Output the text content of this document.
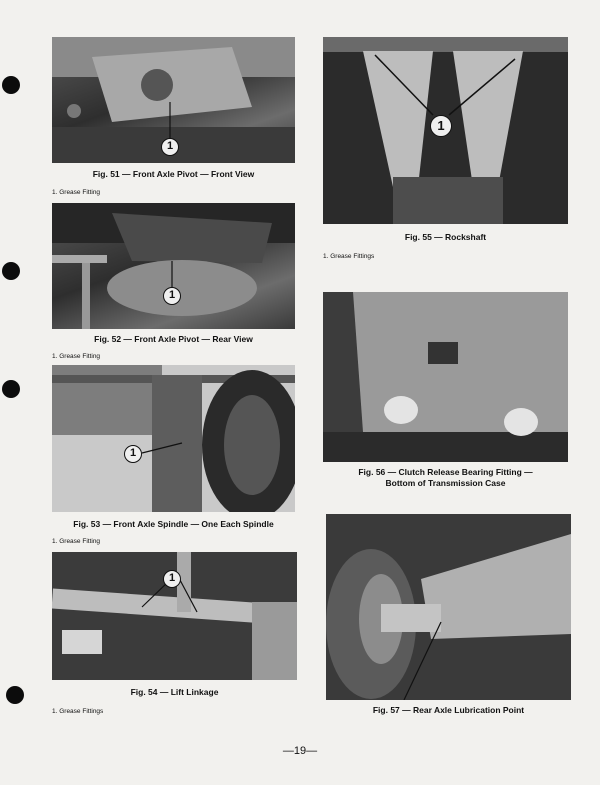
1
Fig. 51 — Front Axle Pivot — Front View
1. Grease Fitting
1
Fig. 52 — Front Axle Pivot — Rear View
1. Grease Fitting
1
Fig. 53 — Front Axle Spindle — One Each Spindle
1. Grease Fitting
1
Fig. 54 — Lift Linkage
1. Grease Fittings
1
Fig. 55 — Rockshaft
1. Grease Fittings
Fig. 56 — Clutch Release Bearing Fitting —
Bottom of Transmission Case
Fig. 57 — Rear Axle Lubrication Point
—19—
